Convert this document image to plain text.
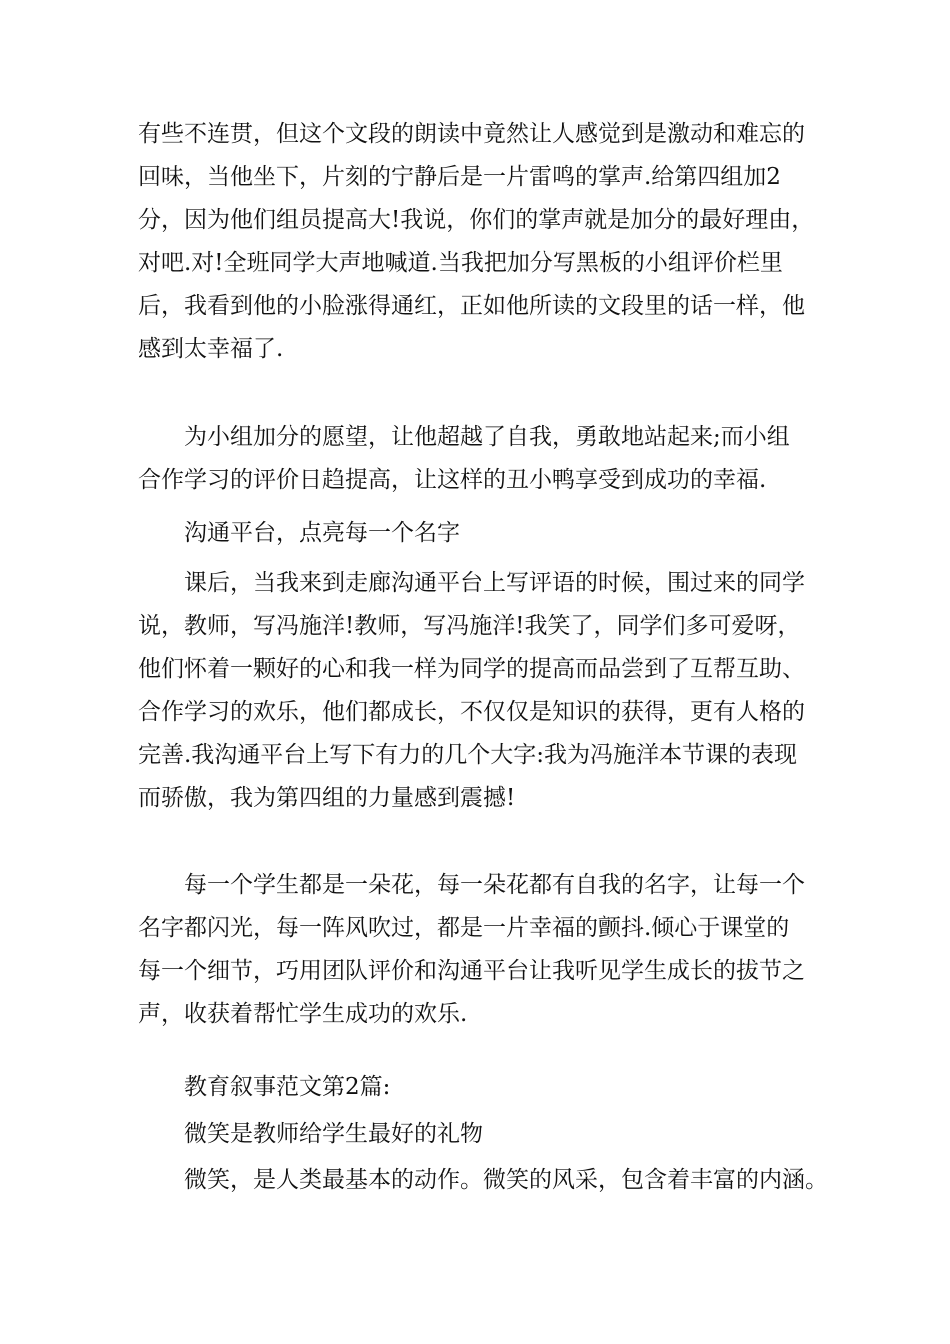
有些不连贯，但这个文段的朗读中竟然让人感觉到是激动和难忘的

回味，当他坐下，片刻的宁静后是一片雷鸣的掌声.给第四组加2

分，因为他们组员提高大!我说，你们的掌声就是加分的最好理由，

对吧.对!全班同学大声地喊道.当我把加分写黑板的小组评价栏里

后，我看到他的小脸涨得通红，正如他所读的文段里的话一样，他

感到太幸福了.

为小组加分的愿望，让他超越了自我，勇敢地站起来;而小组

合作学习的评价日趋提高，让这样的丑小鸭享受到成功的幸福.

沟通平台，点亮每一个名字

课后，当我来到走廊沟通平台上写评语的时候，围过来的同学

说，教师，写冯施洋!教师，写冯施洋!我笑了，同学们多可爱呀，

他们怀着一颗好的心和我一样为同学的提高而品尝到了互帮互助、

合作学习的欢乐，他们都成长，不仅仅是知识的获得，更有人格的

完善.我沟通平台上写下有力的几个大字:我为冯施洋本节课的表现

而骄傲，我为第四组的力量感到震撼!

每一个学生都是一朵花，每一朵花都有自我的名字，让每一个

名字都闪光，每一阵风吹过，都是一片幸福的颤抖.倾心于课堂的

每一个细节，巧用团队评价和沟通平台让我听见学生成长的拔节之

声，收获着帮忙学生成功的欢乐.

教育叙事范文第2篇:

微笑是教师给学生最好的礼物

微笑，是人类最基本的动作。微笑的风采，包含着丰富的内涵。
